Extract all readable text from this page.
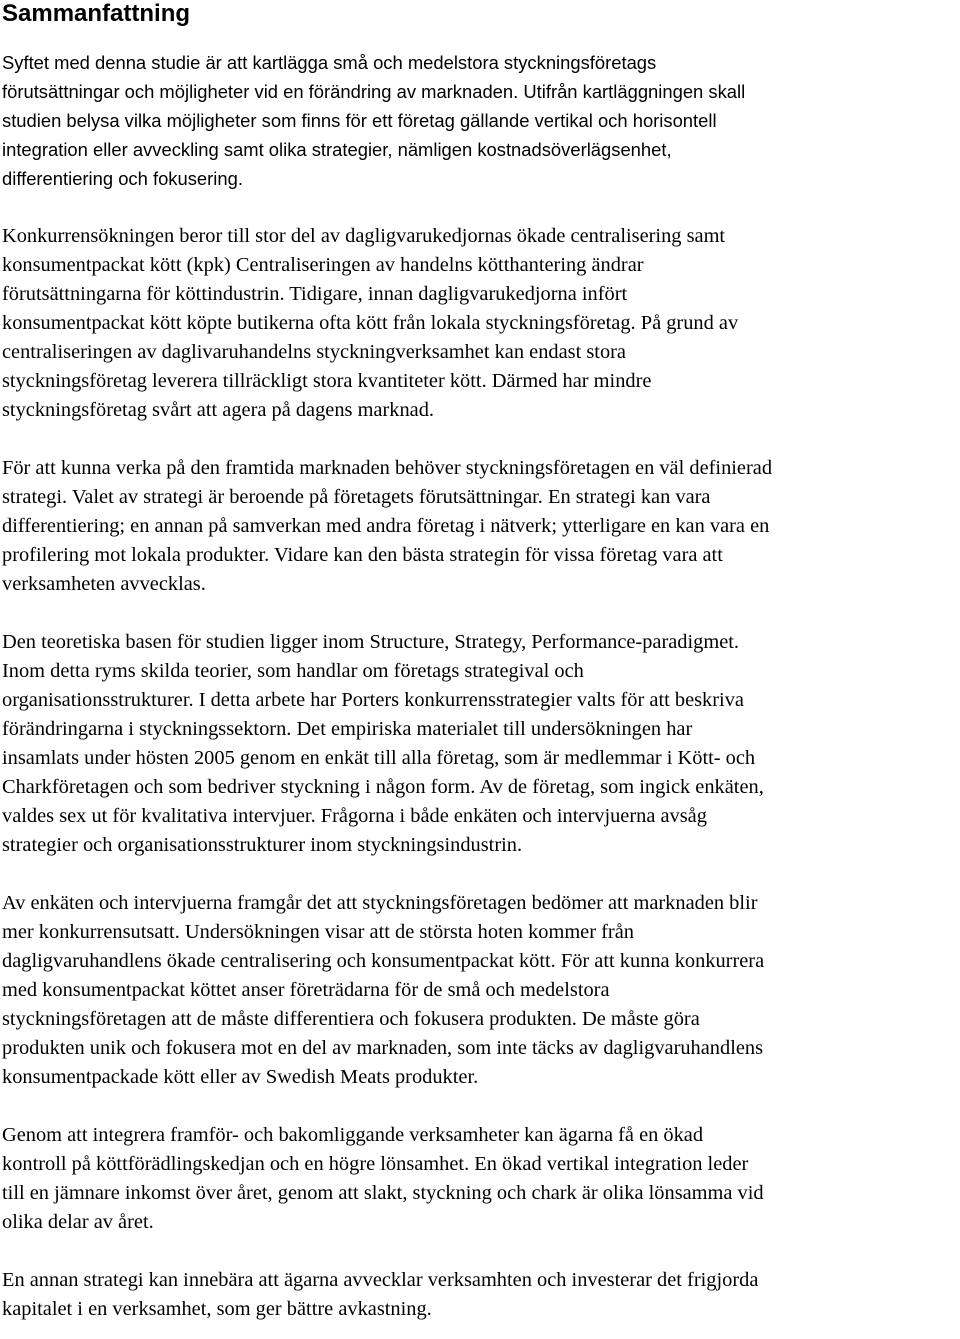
Sammanfattning

Syftet med denna studie är att kartlägga små och medelstora styckningsföretags
förutsättningar och möjligheter vid en förändring av marknaden. Utifrån kartläggningen skall
studien belysa vilka möjligheter som finns för ett företag gällande vertikal och horisontell
integration eller avveckling samt olika strategier, nämligen kostnadsöverlägsenhet,
differentiering och fokusering.

Konkurrensökningen beror till stor del av dagligvarukedjornas ökade centralisering samt
konsumentpackat kött (kpk) Centraliseringen av handelns kötthantering ändrar
förutsättningarna för köttindustrin. Tidigare, innan dagligvarukedjorna infört
konsumentpackat kött köpte butikerna ofta kött från lokala styckningsföretag. På grund av
centraliseringen av daglivaruhandelns styckningverksamhet kan endast stora
styckningsföretag leverera tillräckligt stora kvantiteter kött. Därmed har mindre
styckningsföretag svårt att agera på dagens marknad.

För att kunna verka på den framtida marknaden behöver styckningsföretagen en väl definierad
strategi. Valet av strategi är beroende på företagets förutsättningar. En strategi kan vara
differentiering; en annan på samverkan med andra företag i nätverk; ytterligare en kan vara en
profilering mot lokala produkter. Vidare kan den bästa strategin för vissa företag vara att
verksamheten avvecklas.

Den teoretiska basen för studien ligger inom Structure, Strategy, Performance-paradigmet.
Inom detta ryms skilda teorier, som handlar om företags strategival och
organisationsstrukturer. I detta arbete har Porters konkurrensstrategier valts för att beskriva
förändringarna i styckningssektorn. Det empiriska materialet till undersökningen har
insamlats under hösten 2005 genom en enkät till alla företag, som är medlemmar i Kött- och
Charkföretagen och som bedriver styckning i någon form. Av de företag, som ingick enkäten,
valdes sex ut för kvalitativa intervjuer. Frågorna i både enkäten och intervjuerna avsåg
strategier och organisationsstrukturer inom styckningsindustrin.

Av enkäten och intervjuerna framgår det att styckningsföretagen bedömer att marknaden blir
mer konkurrensutsatt. Undersökningen visar att de största hoten kommer från
dagligvaruhandlens ökade centralisering och konsumentpackat kött. För att kunna konkurrera
med konsumentpackat köttet anser företrädarna för de små och medelstora
styckningsföretagen att de måste differentiera och fokusera produkten. De måste göra
produkten unik och fokusera mot en del av marknaden, som inte täcks av dagligvaruhandlens
konsumentpackade kött eller av Swedish Meats produkter.

Genom att integrera framför- och bakomliggande verksamheter kan ägarna få en ökad
kontroll på köttförädlingskedjan och en högre lönsamhet. En ökad vertikal integration leder
till en jämnare inkomst över året, genom att slakt, styckning och chark är olika lönsamma vid
olika delar av året.

En annan strategi kan innebära att ägarna avvecklar verksamhten och investerar det frigjorda
kapitalet i en verksamhet, som ger bättre avkastning.
